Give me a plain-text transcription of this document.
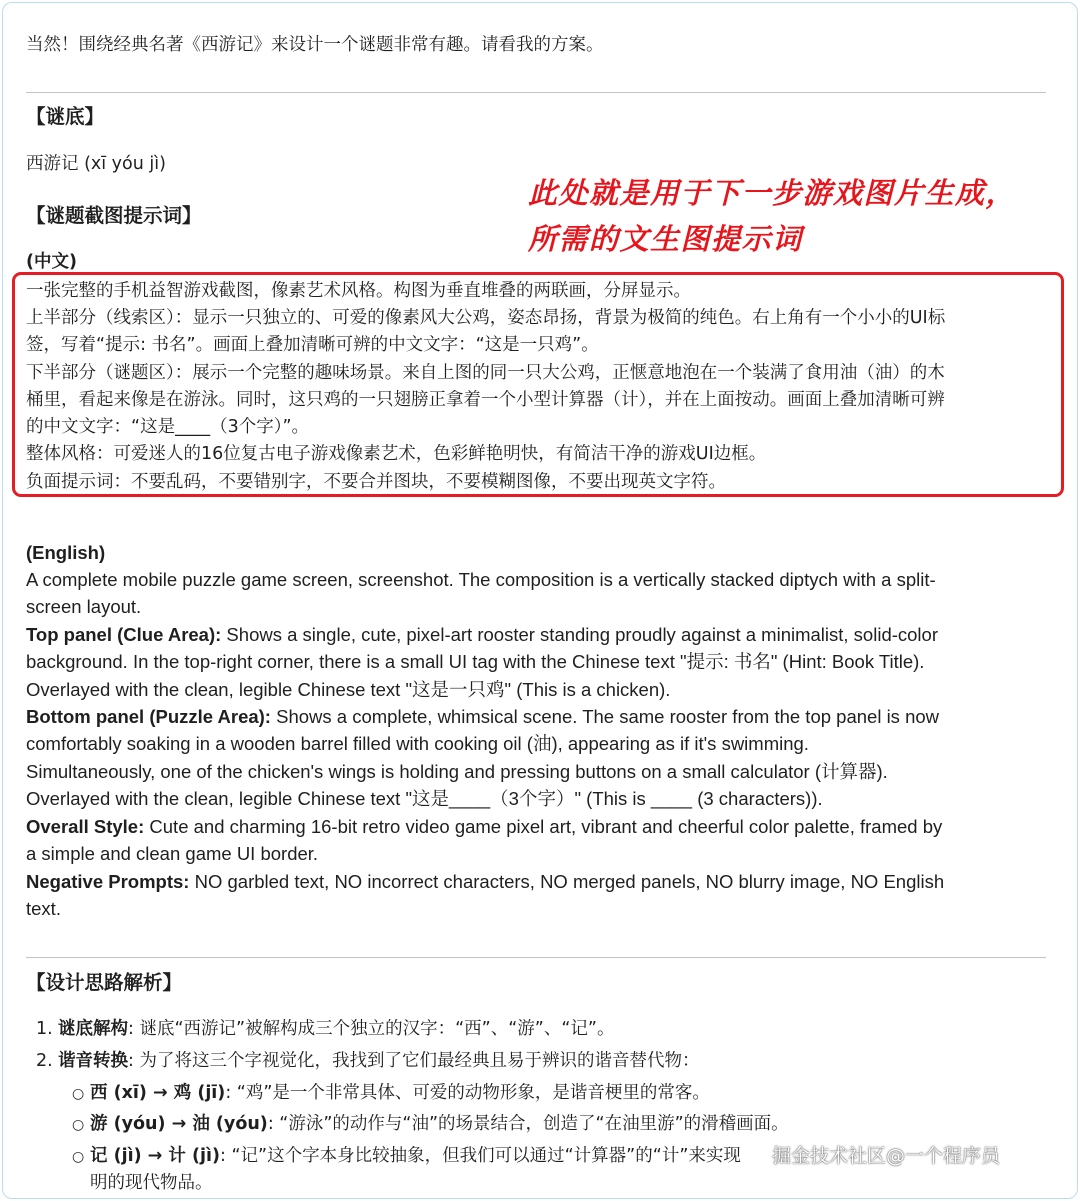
当然！围绕经典名著《西游记》来设计一个谜题非常有趣。请看我的方案。
【谜底】
西游记 (xī yóu jì)
【谜题截图提示词】
此处就是用于下一步游戏图片生成，
所需的文生图提示词
(中文)
一张完整的手机益智游戏截图，像素艺术风格。构图为垂直堆叠的两联画，分屏显示。
上半部分（线索区）：显示一只独立的、可爱的像素风大公鸡，姿态昂扬，背景为极简的纯色。右上角有一个小小的UI标
签，写着“提示: 书名”。画面上叠加清晰可辨的中文文字：“这是一只鸡”。
下半部分（谜题区）：展示一个完整的趣味场景。来自上图的同一只大公鸡，正惬意地泡在一个装满了食用油（油）的木
桶里，看起来像是在游泳。同时，这只鸡的一只翅膀正拿着一个小型计算器（计），并在上面按动。画面上叠加清晰可辨
的中文文字：“这是____（3个字）”。
整体风格：可爱迷人的16位复古电子游戏像素艺术，色彩鲜艳明快，有简洁干净的游戏UI边框。
负面提示词：不要乱码，不要错别字，不要合并图块，不要模糊图像，不要出现英文字符。
(English)
A complete mobile puzzle game screen, screenshot. The composition is a vertically stacked diptych with a split-
screen layout.
Top panel (Clue Area): Shows a single, cute, pixel-art rooster standing proudly against a minimalist, solid-color
background. In the top-right corner, there is a small UI tag with the Chinese text "提示: 书名" (Hint: Book Title).
Overlayed with the clean, legible Chinese text "这是一只鸡" (This is a chicken).
Bottom panel (Puzzle Area): Shows a complete, whimsical scene. The same rooster from the top panel is now
comfortably soaking in a wooden barrel filled with cooking oil (油), appearing as if it's swimming.
Simultaneously, one of the chicken's wings is holding and pressing buttons on a small calculator (计算器).
Overlayed with the clean, legible Chinese text "这是____（3个字）" (This is ____ (3 characters)).
Overall Style: Cute and charming 16-bit retro video game pixel art, vibrant and cheerful color palette, framed by
a simple and clean game UI border.
Negative Prompts: NO garbled text, NO incorrect characters, NO merged panels, NO blurry image, NO English
text.
【设计思路解析】
1. 谜底解构: 谜底“西游记”被解构成三个独立的汉字：“西”、“游”、“记”。
2. 谐音转换: 为了将这三个字视觉化，我找到了它们最经典且易于辨识的谐音替代物：
○ 西 (xī) → 鸡 (jī): “鸡”是一个非常具体、可爱的动物形象，是谐音梗里的常客。
○ 游 (yóu) → 油 (yóu): “游泳”的动作与“油”的场景结合，创造了“在油里游”的滑稽画面。
○ 记 (jì) → 计 (jì): “记”这个字本身比较抽象，但我们可以通过“计算器”的“计”来实现
明的现代物品。
掘金技术社区@一个程序员
